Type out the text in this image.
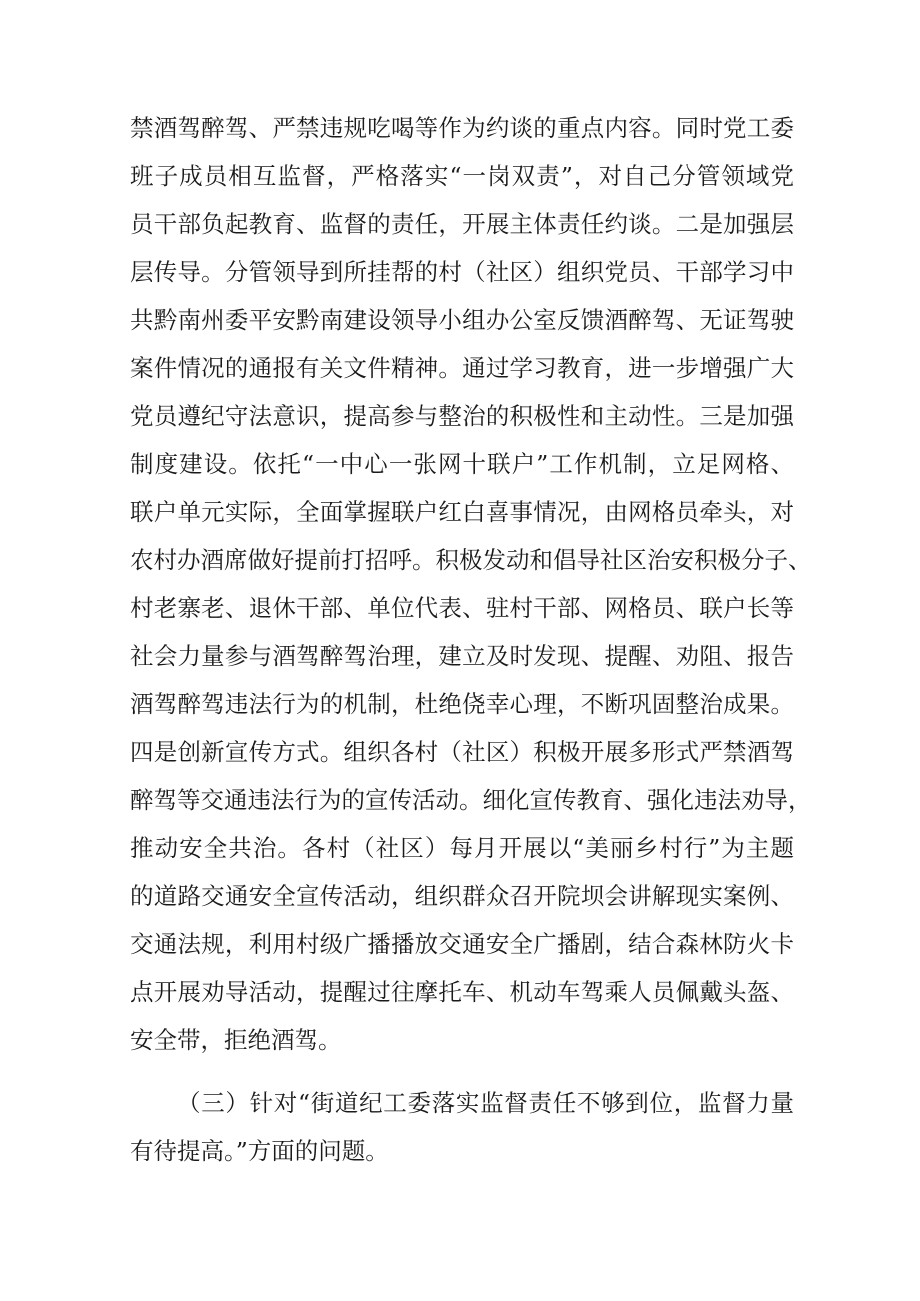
禁酒驾醉驾、严禁违规吃喝等作为约谈的重点内容。同时党工委
班子成员相互监督，严格落实“一岗双责”，对自己分管领域党
员干部负起教育、监督的责任，开展主体责任约谈。二是加强层
层传导。分管领导到所挂帮的村（社区）组织党员、干部学习中
共黔南州委平安黔南建设领导小组办公室反馈酒醉驾、无证驾驶
案件情况的通报有关文件精神。通过学习教育，进一步增强广大
党员遵纪守法意识，提高参与整治的积极性和主动性。三是加强
制度建设。依托“一中心一张网十联户”工作机制，立足网格、
联户单元实际，全面掌握联户红白喜事情况，由网格员牵头，对
农村办酒席做好提前打招呼。积极发动和倡导社区治安积极分子、
村老寨老、退休干部、单位代表、驻村干部、网格员、联户长等
社会力量参与酒驾醉驾治理，建立及时发现、提醒、劝阻、报告
酒驾醉驾违法行为的机制，杜绝侥幸心理，不断巩固整治成果。
四是创新宣传方式。组织各村（社区）积极开展多形式严禁酒驾
醉驾等交通违法行为的宣传活动。细化宣传教育、强化违法劝导，
推动安全共治。各村（社区）每月开展以“美丽乡村行”为主题
的道路交通安全宣传活动，组织群众召开院坝会讲解现实案例、
交通法规，利用村级广播播放交通安全广播剧，结合森林防火卡
点开展劝导活动，提醒过往摩托车、机动车驾乘人员佩戴头盔、
安全带，拒绝酒驾。
（三）针对“街道纪工委落实监督责任不够到位，监督力量
有待提高。”方面的问题。
